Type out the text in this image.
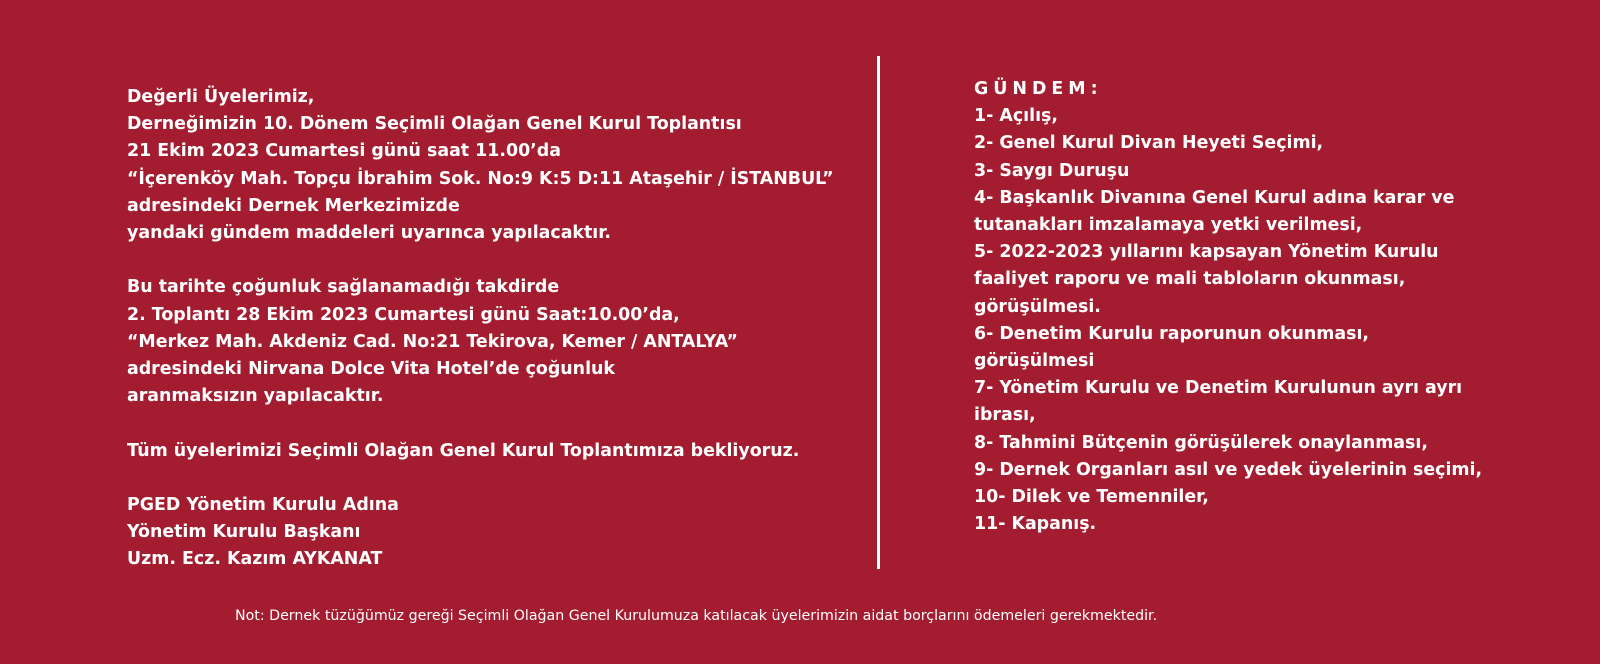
Değerli Üyelerimiz,
Derneğimizin 10. Dönem Seçimli Olağan Genel Kurul Toplantısı
21 Ekim 2023 Cumartesi günü saat 11.00’da
“İçerenköy Mah. Topçu İbrahim Sok. No:9 K:5 D:11 Ataşehir / İSTANBUL”
adresindeki Dernek Merkezimizde
yandaki gündem maddeleri uyarınca yapılacaktır.
Bu tarihte çoğunluk sağlanamadığı takdirde
2. Toplantı 28 Ekim 2023 Cumartesi günü Saat:10.00’da,
“Merkez Mah. Akdeniz Cad. No:21 Tekirova, Kemer / ANTALYA”
adresindeki Nirvana Dolce Vita Hotel’de çoğunluk
aranmaksızın yapılacaktır.
Tüm üyelerimizi Seçimli Olağan Genel Kurul Toplantımıza bekliyoruz.
PGED Yönetim Kurulu Adına
Yönetim Kurulu Başkanı
Uzm. Ecz. Kazım AYKANAT
GÜNDEM:
1- Açılış,
2- Genel Kurul Divan Heyeti Seçimi,
3- Saygı Duruşu
4- Başkanlık Divanına Genel Kurul adına karar ve tutanakları imzalamaya yetki verilmesi,
5- 2022-2023 yıllarını kapsayan Yönetim Kurulu faaliyet raporu ve mali tabloların okunması, görüşülmesi.
6- Denetim Kurulu raporunun okunması, görüşülmesi
7- Yönetim Kurulu ve Denetim Kurulunun ayrı ayrı ibrası,
8- Tahmini Bütçenin görüşülerek onaylanması,
9- Dernek Organları asıl ve yedek üyelerinin seçimi,
10- Dilek ve Temenniler,
11- Kapanış.
Not: Dernek tüzüğümüz gereği Seçimli Olağan Genel Kurulumuza katılacak üyelerimizin aidat borçlarını ödemeleri gerekmektedir.
